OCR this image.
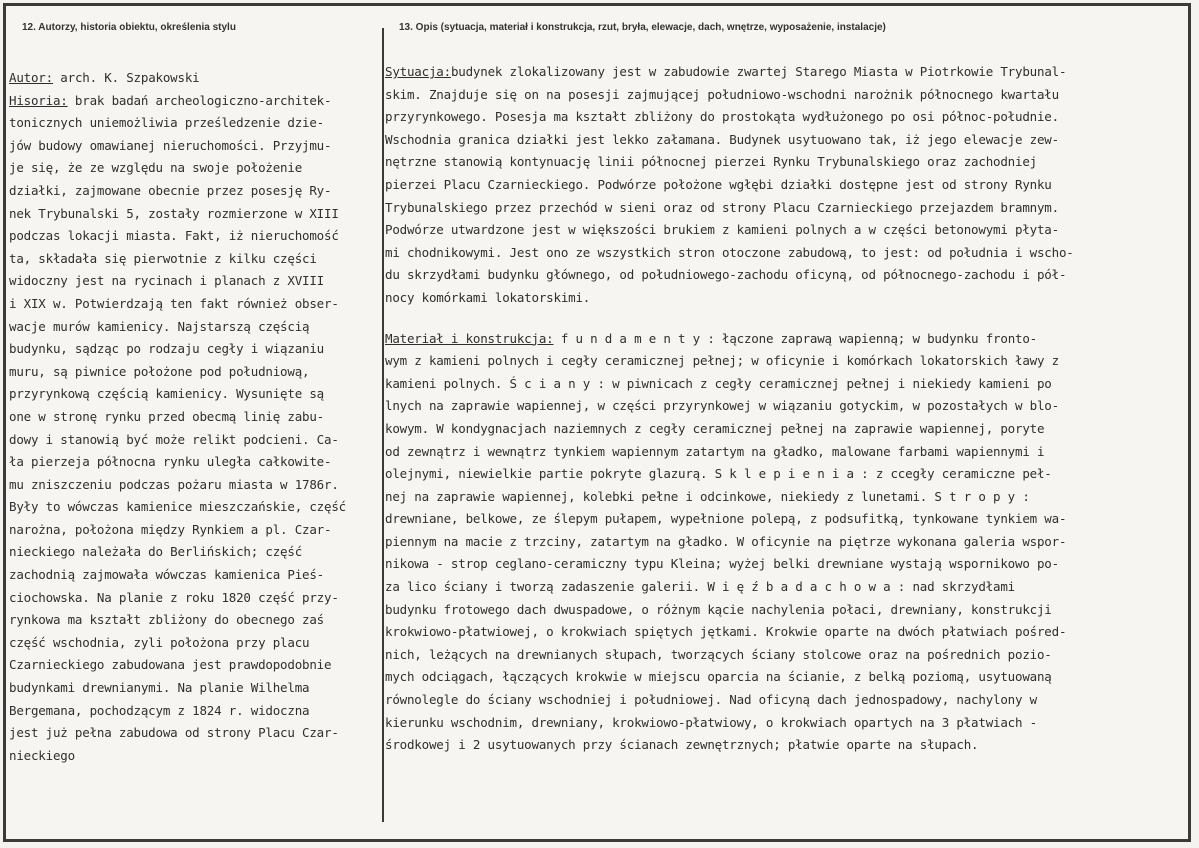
12. Autorzy, historia obiektu, określenia stylu	13. Opis (sytuacja, materiał i konstrukcja, rzut, bryła, elewacje, dach, wnętrze, wyposażenie, instalacje)
Autor: arch. K. Szpakowski
Hisoria: brak badań archeologiczno-architek-
tonicznych uniemożliwia prześledzenie dzie-
jów budowy omawianej nieruchomości. Przyjmu-
je się, że ze względu na swoje położenie
działki, zajmowane obecnie przez posesję Ry-
nek Trybunalski 5, zostały rozmierzone w XIII
podczas lokacji miasta. Fakt, iż nieruchomość
ta, składała się pierwotnie z kilku części
widoczny jest na rycinach i planach z XVIII
i XIX w. Potwierdzają ten fakt również obser-
wacje murów kamienicy. Najstarszą częścią
budynku, sądząc po rodzaju cegły i wiązaniu
muru, są piwnice położone pod południową,
przyrynkową częścią kamienicy. Wysunięte są
one w stronę rynku przed obecmą linię zabu-
dowy i stanowią być może relikt podcieni. Ca-
ła pierzeja północna rynku uległa całkowite-
mu zniszczeniu podczas pożaru miasta w 1786r.
Były to wówczas kamienice mieszczańskie, część
narożna, położona między Rynkiem a pl. Czar-
nieckiego należała do Berlińskich; część
zachodnią zajmowała wówczas kamienica Pieś-
ciochowska. Na planie z roku 1820 część przy-
rynkowa ma kształt zbliżony do obecnego zaś
część wschodnia, zyli położona przy placu
Czarnieckiego zabudowana jest prawdopodobnie
budynkami drewnianymi. Na planie Wilhelma
Bergemana, pochodzącym z 1824 r. widoczna
jest już pełna zabudowa od strony Placu Czar-
nieckiego
Sytuacja:budynek zlokalizowany jest w zabudowie zwartej Starego Miasta w Piotrkowie Trybunal-
skim. Znajduje się on na posesji zajmującej południowo-wschodni narożnik północnego kwartału
przyrynkowego. Posesja ma kształt zbliżony do prostokąta wydłużonego po osi północ-południe.
Wschodnia granica działki jest lekko załamana. Budynek usytuowano tak, iż jego elewacje zew-
nętrzne stanowią kontynuację linii północnej pierzei Rynku Trybunalskiego oraz zachodniej
pierzei Placu Czarnieckiego. Podwórze położone wgłębi działki dostępne jest od strony Rynku
Trybunalskiego przez przechód w sieni oraz od strony Placu Czarnieckiego przejazdem bramnym.
Podwórze utwardzone jest w większości brukiem z kamieni polnych a w części betonowymi płyta-
mi chodnikowymi. Jest ono ze wszystkich stron otoczone zabudową, to jest: od południa i wscho-
du skrzydłami budynku głównego, od południowego-zachodu oficyną, od północnego-zachodu i pół-
nocy komórkami lokatorskimi.
Materiał i konstrukcja: f u n d a m e n t y : łączone zaprawą wapienną; w budynku fronto-
wym z kamieni polnych i cegły ceramicznej pełnej; w oficynie i komórkach lokatorskich ławy z
kamieni polnych. Ś c i a n y : w piwnicach z cegły ceramicznej pełnej i niekiedy kamieni po
lnych na zaprawie wapiennej, w części przyrynkowej w wiązaniu gotyckim, w pozostałych w blo-
kowym. W kondygnacjach naziemnych z cegły ceramicznej pełnej na zaprawie wapiennej, poryte
od zewnątrz i wewnątrz tynkiem wapiennym zatartym na gładko, malowane farbami wapiennymi i
olejnymi, niewielkie partie pokryte glazurą. S k l e p i e n i a : z ccegły ceramiczne peł-
nej na zaprawie wapiennej, kolebki pełne i odcinkowe, niekiedy z lunetami. S t r o p y :
drewniane, belkowe, ze ślepym pułapem, wypełnione polepą, z podsufitką, tynkowane tynkiem wa-
piennym na macie z trzciny, zatartym na gładko. W oficynie na piętrze wykonana galeria wspor-
nikowa - strop ceglano-ceramiczny typu Kleina; wyżej belki drewniane wystają wspornikowo po-
za lico ściany i tworzą zadaszenie galerii. W i ę ź b a d a c h o w a : nad skrzydłami
budynku frotowego dach dwuspadowe, o różnym kącie nachylenia połaci, drewniany, konstrukcji
krokwiowo-płatwiowej, o krokwiach spiętych jętkami. Krokwie oparte na dwóch płatwiach pośred-
nich, leżących na drewnianych słupach, tworzących ściany stolcowe oraz na pośrednich pozio-
mych odciągach, łączących krokwie w miejscu oparcia na ścianie, z belką poziomą, usytuowaną
równolegle do ściany wschodniej i południowej. Nad oficyną dach jednospadowy, nachylony w
kierunku wschodnim, drewniany, krokwiowo-płatwiowy, o krokwiach opartych na 3 płatwiach -
środkowej i 2 usytuowanych przy ścianach zewnętrznych; płatwie oparte na słupach.
